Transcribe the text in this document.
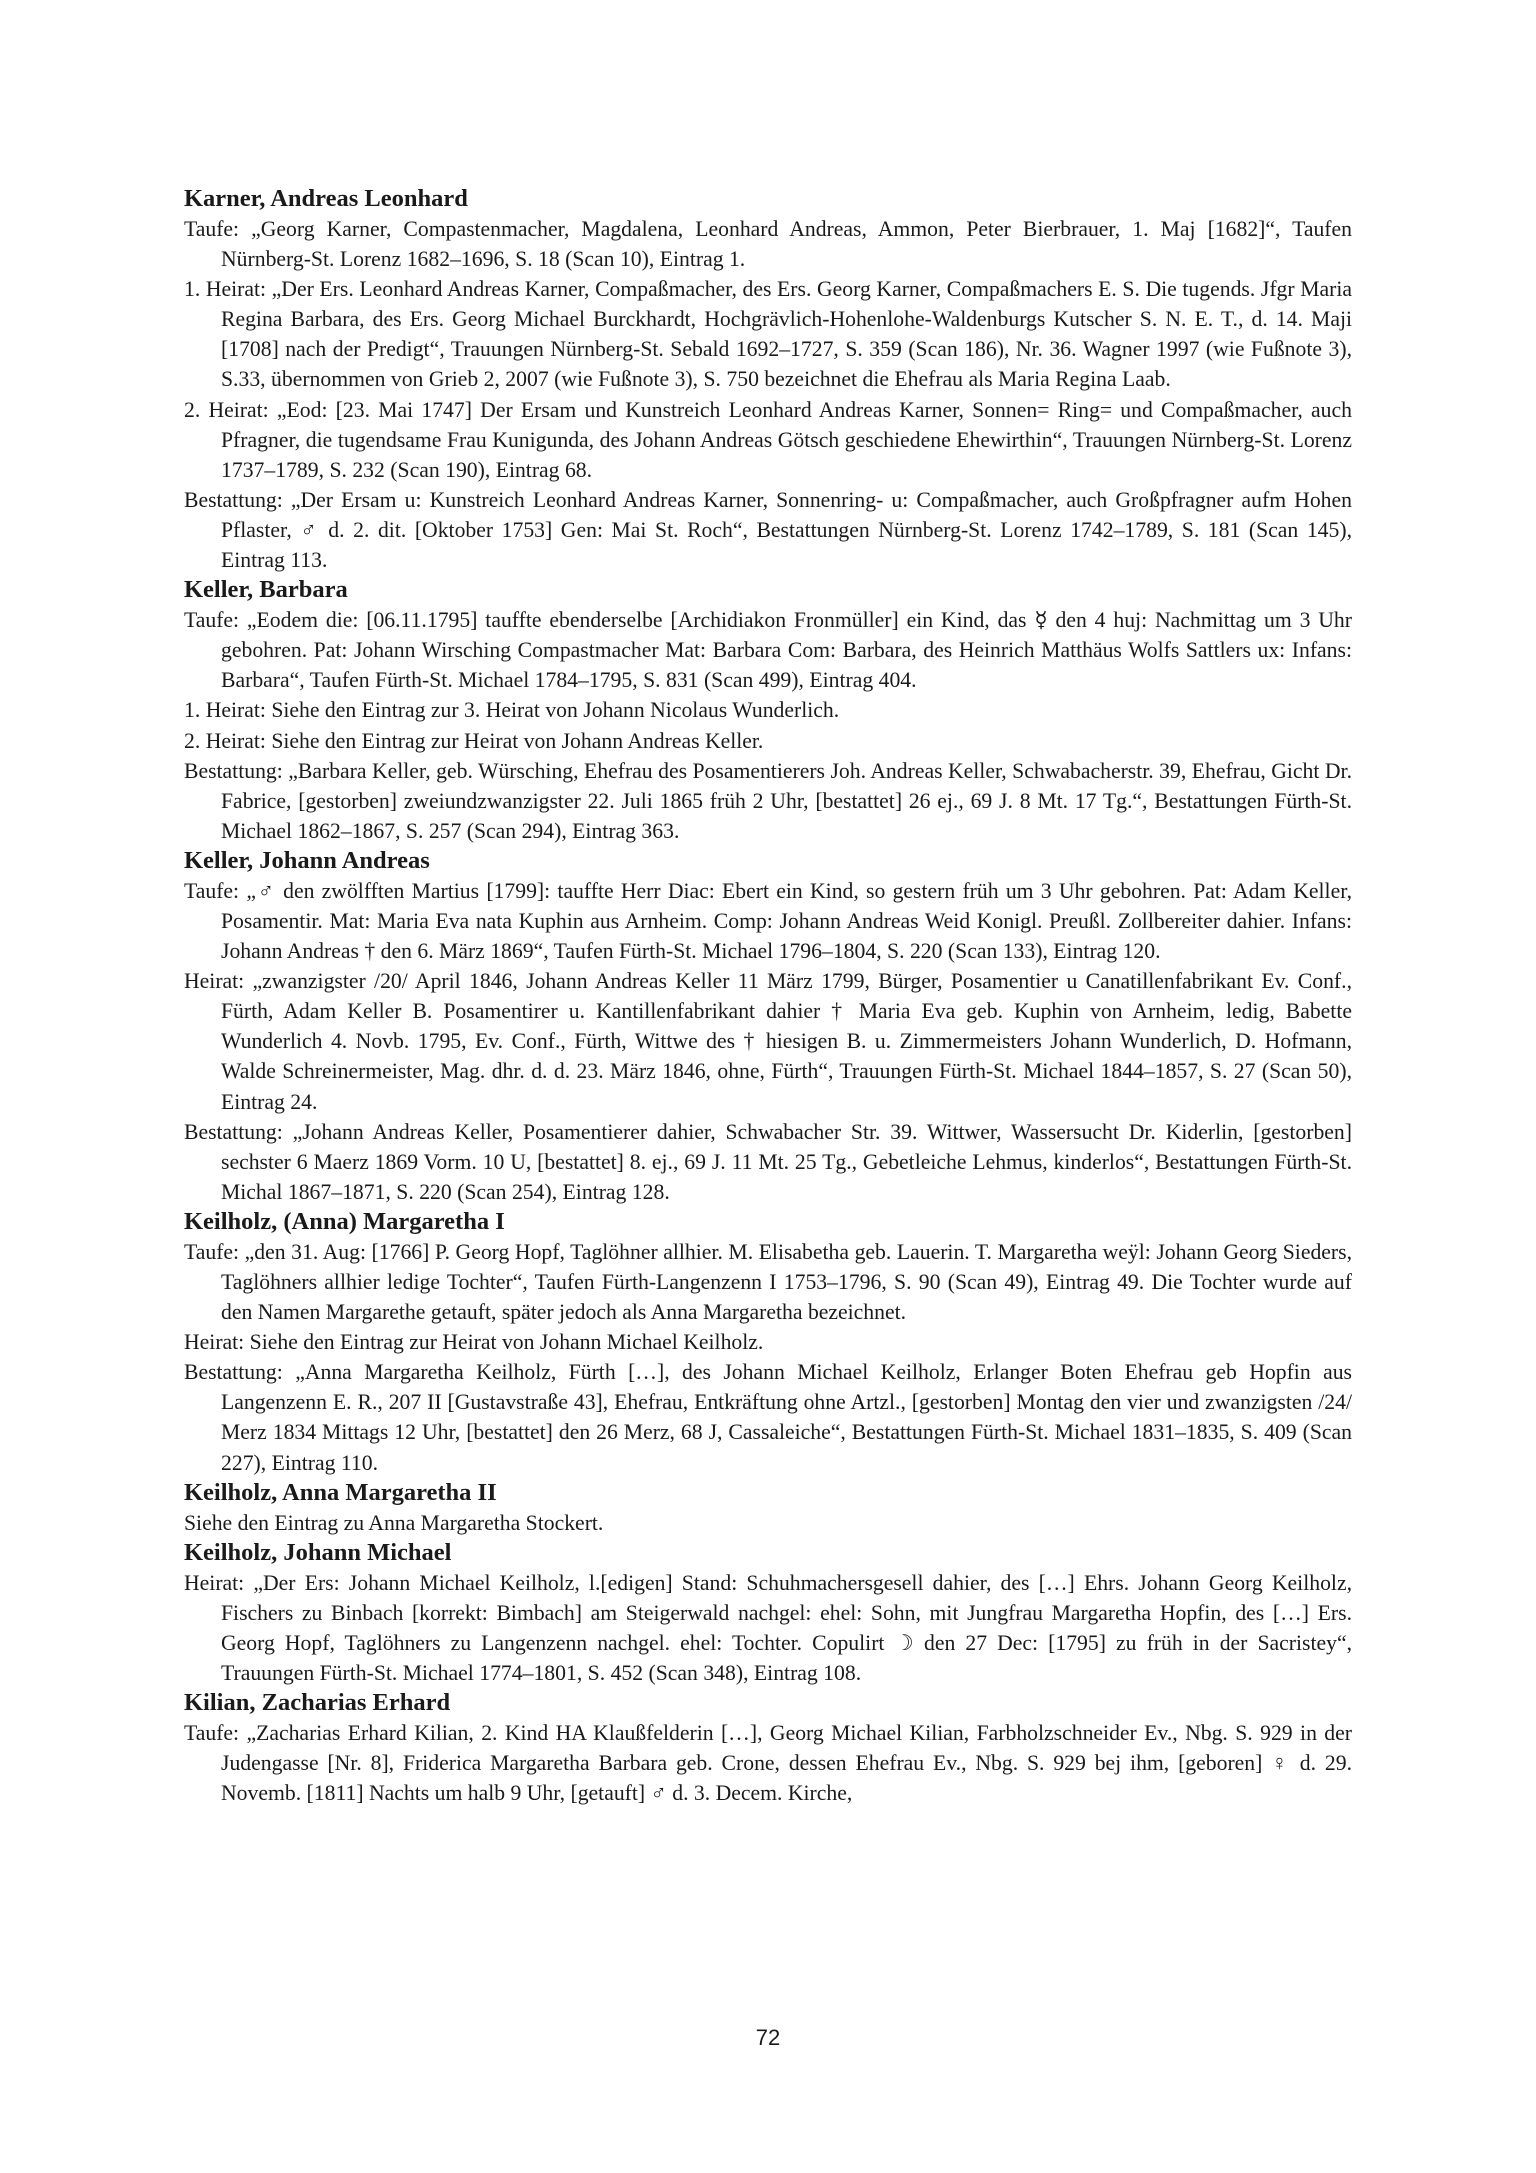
Karner, Andreas Leonhard

Taufe: „Georg Karner, Compastenmacher, Magdalena, Leonhard Andreas, Ammon, Peter Bierbrauer, 1. Maj [1682]“, Taufen Nürnberg-St. Lorenz 1682–1696, S. 18 (Scan 10), Eintrag 1.

1. Heirat: „Der Ers. Leonhard Andreas Karner, Compaßmacher, des Ers. Georg Karner, Compaßmachers E. S. Die tugends. Jfgr Maria Regina Barbara, des Ers. Georg Michael Burckhardt, Hochgrävlich-Hohenlohe-Waldenburgs Kutscher S. N. E. T., d. 14. Maji [1708] nach der Predigt“, Trauungen Nürnberg-St. Sebald 1692–1727, S. 359 (Scan 186), Nr. 36. Wagner 1997 (wie Fußnote 3), S.33, übernommen von Grieb 2, 2007 (wie Fußnote 3), S. 750 bezeichnet die Ehefrau als Maria Regina Laab.

2. Heirat: „Eod: [23. Mai 1747] Der Ersam und Kunstreich Leonhard Andreas Karner, Sonnen= Ring= und Compaßmacher, auch Pfragner, die tugendsame Frau Kunigunda, des Johann Andreas Götsch geschiedene Ehewirthin“, Trauungen Nürnberg-St. Lorenz 1737–1789, S. 232 (Scan 190), Eintrag 68.

Bestattung: „Der Ersam u: Kunstreich Leonhard Andreas Karner, Sonnenring- u: Compaßmacher, auch Großpfragner aufm Hohen Pflaster, ♂ d. 2. dit. [Oktober 1753] Gen: Mai St. Roch“, Bestattungen Nürnberg-St. Lorenz 1742–1789, S. 181 (Scan 145), Eintrag 113.

Keller, Barbara

Taufe: „Eodem die: [06.11.1795] tauffte ebenderselbe [Archidiakon Fronmüller] ein Kind, das ☿ den 4 huj: Nachmittag um 3 Uhr gebohren. Pat: Johann Wirsching Compastmacher Mat: Barbara Com: Barbara, des Heinrich Matthäus Wolfs Sattlers ux: Infans: Barbara“, Taufen Fürth-St. Michael 1784–1795, S. 831 (Scan 499), Eintrag 404.

1. Heirat: Siehe den Eintrag zur 3. Heirat von Johann Nicolaus Wunderlich.

2. Heirat: Siehe den Eintrag zur Heirat von Johann Andreas Keller.

Bestattung: „Barbara Keller, geb. Würsching, Ehefrau des Posamentierers Joh. Andreas Keller, Schwabacherstr. 39, Ehefrau, Gicht Dr. Fabrice, [gestorben] zweiundzwanzigster 22. Juli 1865 früh 2 Uhr, [bestattet] 26 ej., 69 J. 8 Mt. 17 Tg.“, Bestattungen Fürth-St. Michael 1862–1867, S. 257 (Scan 294), Eintrag 363.

Keller, Johann Andreas

Taufe: „♂ den zwölfften Martius [1799]: tauffte Herr Diac: Ebert ein Kind, so gestern früh um 3 Uhr gebohren. Pat: Adam Keller, Posamentir. Mat: Maria Eva nata Kuphin aus Arnheim. Comp: Johann Andreas Weid Konigl. Preußl. Zollbereiter dahier. Infans: Johann Andreas † den 6. März 1869“, Taufen Fürth-St. Michael 1796–1804, S. 220 (Scan 133), Eintrag 120.

Heirat: „zwanzigster /20/ April 1846, Johann Andreas Keller 11 März 1799, Bürger, Posamentier u Canatillenfabrikant Ev. Conf., Fürth, Adam Keller B. Posamentirer u. Kantillenfabrikant dahier † Maria Eva geb. Kuphin von Arnheim, ledig, Babette Wunderlich 4. Novb. 1795, Ev. Conf., Fürth, Wittwe des † hiesigen B. u. Zimmermeisters Johann Wunderlich, D. Hofmann, Walde Schreinermeister, Mag. dhr. d. d. 23. März 1846, ohne, Fürth“, Trauungen Fürth-St. Michael 1844–1857, S. 27 (Scan 50), Eintrag 24.

Bestattung: „Johann Andreas Keller, Posamentierer dahier, Schwabacher Str. 39. Wittwer, Wassersucht Dr. Kiderlin, [gestorben] sechster 6 Maerz 1869 Vorm. 10 U, [bestattet] 8. ej., 69 J. 11 Mt. 25 Tg., Gebetleiche Lehmus, kinderlos“, Bestattungen Fürth-St. Michal 1867–1871, S. 220 (Scan 254), Eintrag 128.

Keilholz, (Anna) Margaretha I

Taufe: „den 31. Aug: [1766] P. Georg Hopf, Taglöhner allhier. M. Elisabetha geb. Lauerin. T. Margaretha weÿl: Johann Georg Sieders, Taglöhners allhier ledige Tochter“, Taufen Fürth-Langenzenn I 1753–1796, S. 90 (Scan 49), Eintrag 49. Die Tochter wurde auf den Namen Margarethe getauft, später jedoch als Anna Margaretha bezeichnet.

Heirat: Siehe den Eintrag zur Heirat von Johann Michael Keilholz.

Bestattung: „Anna Margaretha Keilholz, Fürth […], des Johann Michael Keilholz, Erlanger Boten Ehefrau geb Hopfin aus Langenzenn E. R., 207 II [Gustavstraße 43], Ehefrau, Entkräftung ohne Artzl., [gestorben] Montag den vier und zwanzigsten /24/ Merz 1834 Mittags 12 Uhr, [bestattet] den 26 Merz, 68 J, Cassaleiche“, Bestattungen Fürth-St. Michael 1831–1835, S. 409 (Scan 227), Eintrag 110.

Keilholz, Anna Margaretha II

Siehe den Eintrag zu Anna Margaretha Stockert.

Keilholz, Johann Michael

Heirat: „Der Ers: Johann Michael Keilholz, l.[edigen] Stand: Schuhmachersgesell dahier, des […] Ehrs. Johann Georg Keilholz, Fischers zu Binbach [korrekt: Bimbach] am Steigerwald nachgel: ehel: Sohn, mit Jungfrau Margaretha Hopfin, des […] Ers. Georg Hopf, Taglöhners zu Langenzenn nachgel. ehel: Tochter. Copulirt ☽ den 27 Dec: [1795] zu früh in der Sacristey“, Trauungen Fürth-St. Michael 1774–1801, S. 452 (Scan 348), Eintrag 108.

Kilian, Zacharias Erhard

Taufe: „Zacharias Erhard Kilian, 2. Kind HA Klaußfelderin […], Georg Michael Kilian, Farbholzschneider Ev., Nbg. S. 929 in der Judengasse [Nr. 8], Friderica Margaretha Barbara geb. Crone, dessen Ehefrau Ev., Nbg. S. 929 bej ihm, [geboren] ♀ d. 29. Novemb. [1811] Nachts um halb 9 Uhr, [getauft] ♂ d. 3. Decem. Kirche,

72
